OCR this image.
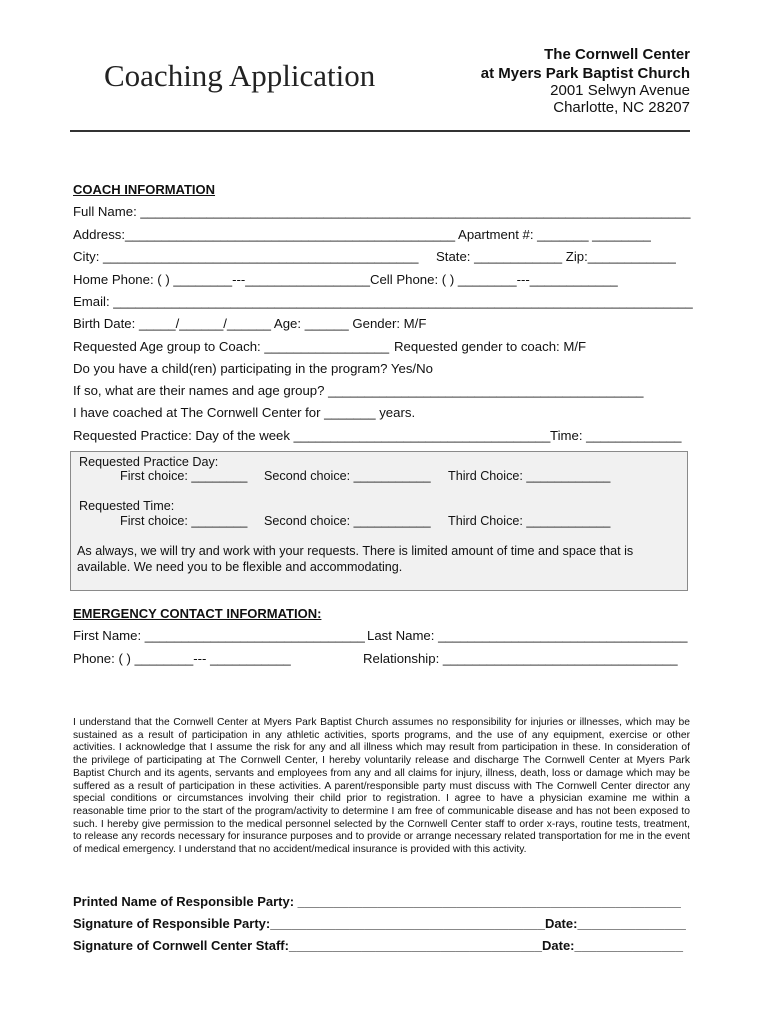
Coaching Application
The Cornwell Center
at Myers Park Baptist Church
2001 Selwyn Avenue
Charlotte, NC 28207
COACH INFORMATION
Full Name: ___________________________________________________________________________
Address:_____________________________________________ Apartment #: _______ ________
City: ___________________________________________ State: ____________ Zip:____________
Home Phone: ( ) ________---_________________Cell Phone: ( ) ________---____________
Email: _______________________________________________________________________________
Birth Date: _____/______/______ Age: ______ Gender: M/F
Requested Age group to Coach: _________________ Requested gender to coach: M/F
Do you have a child(ren) participating in the program? Yes/No
If so, what are their names and age group? ___________________________________________
I have coached at The Cornwell Center for _______ years.
Requested Practice: Day of the week ___________________________________ Time: _____________
Requested Practice Day:
First choice: ________ Second choice: ___________ Third Choice: ____________
Requested Time:
First choice: ________ Second choice: ___________ Third Choice: ____________
As always, we will try and work with your requests. There is limited amount of time and space that is
available. We need you to be flexible and accommodating.
EMERGENCY CONTACT INFORMATION:
First Name: ______________________________ Last Name: __________________________________
Phone: ( ) ________--- ___________	Relationship: ________________________________
I understand that the Cornwell Center at Myers Park Baptist Church assumes no responsibility for injuries or illnesses, which may be sustained as a result of participation in any athletic activities, sports programs, and the use of any equipment, exercise or other activities. I acknowledge that I assume the risk for any and all illness which may result from participation in these. In consideration of the privilege of participating at The Cornwell Center, I hereby voluntarily release and discharge The Cornwell Center at Myers Park Baptist Church and its agents, servants and employees from any and all claims for injury, illness, death, loss or damage which may be suffered as a result of participation in these activities. A parent/responsible party must discuss with The Cornwell Center director any special conditions or circumstances involving their child prior to registration. I agree to have a physician examine me within a reasonable time prior to the start of the program/activity to determine I am free of communicable disease and has not been exposed to such. I hereby give permission to the medical personnel selected by the Cornwell Center staff to order x-rays, routine tests, treatment, to release any records necessary for insurance purposes and to provide or arrange necessary related transportation for me in the event of medical emergency. I understand that no accident/medical insurance is provided with this activity.
Printed Name of Responsible Party: _____________________________________________________
Signature of Responsible Party:______________________________________Date:_______________
Signature of Cornwell Center Staff:___________________________________Date:_______________
